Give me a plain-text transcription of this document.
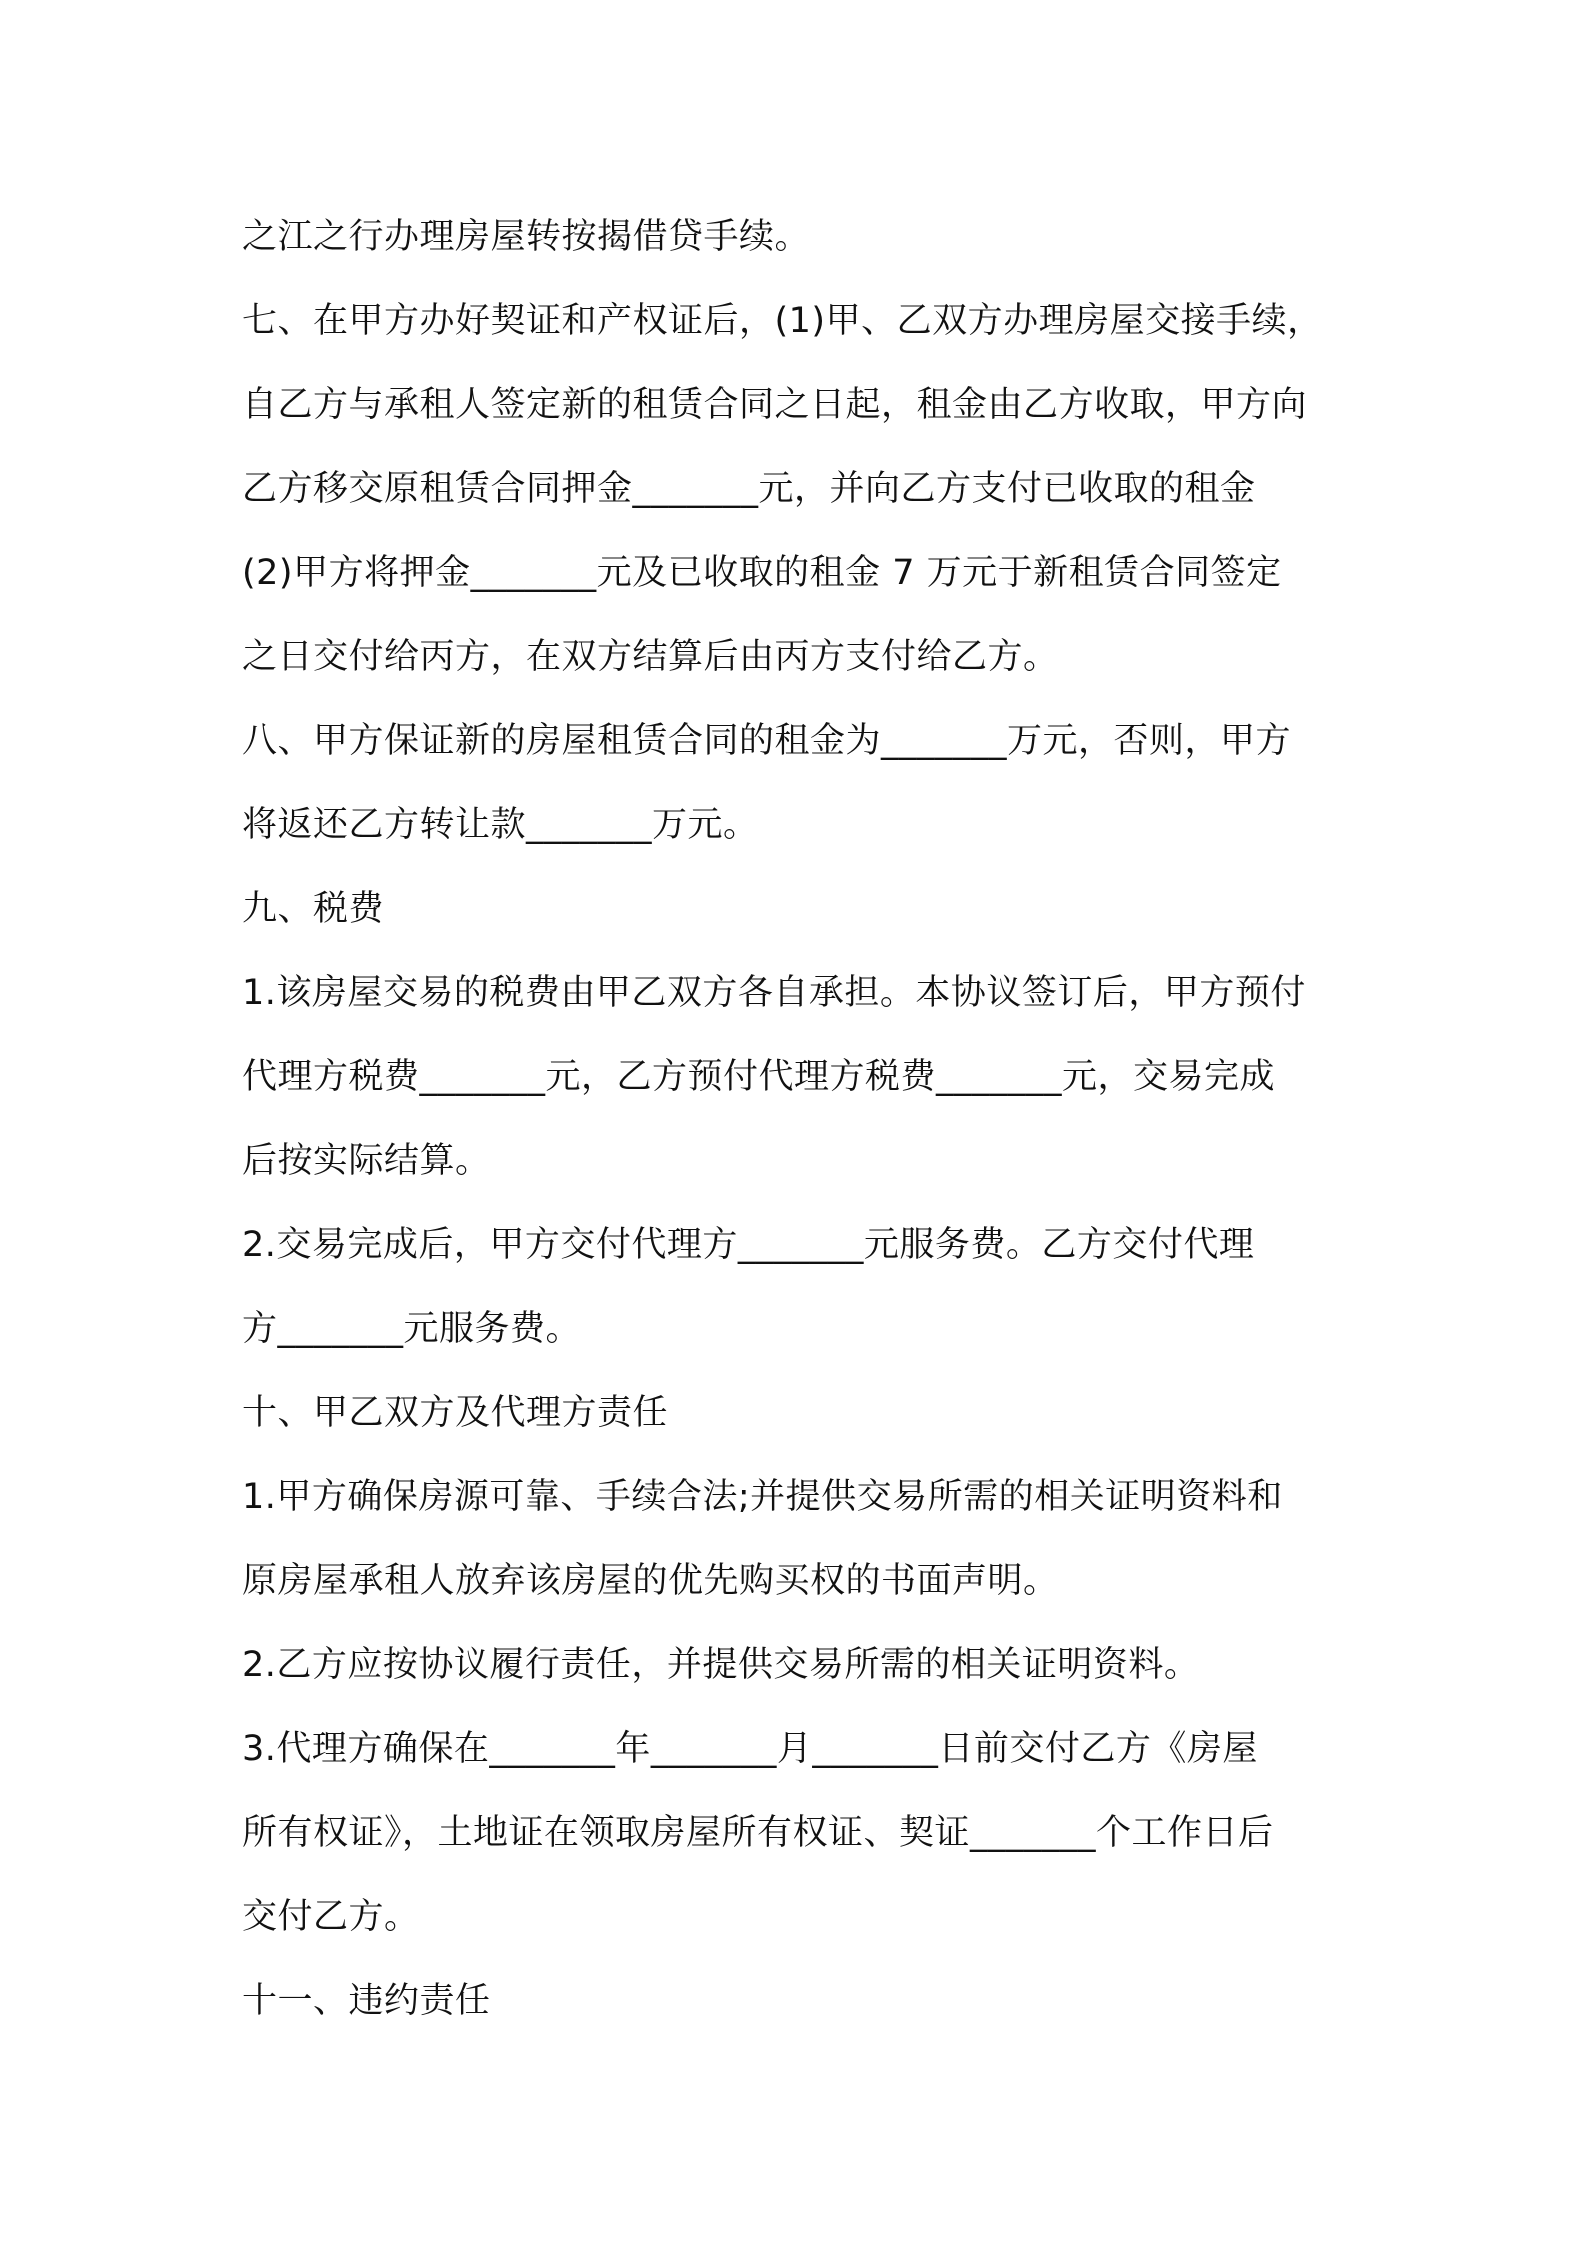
之江之行办理房屋转按揭借贷手续。
七、在甲方办好契证和产权证后，(1)甲、乙双方办理房屋交接手续，
自乙方与承租人签定新的租赁合同之日起，租金由乙方收取，甲方向
乙方移交原租赁合同押金_______元，并向乙方支付已收取的租金
(2)甲方将押金_______元及已收取的租金 7 万元于新租赁合同签定
之日交付给丙方，在双方结算后由丙方支付给乙方。
八、甲方保证新的房屋租赁合同的租金为_______万元，否则，甲方
将返还乙方转让款_______万元。
九、税费
1.该房屋交易的税费由甲乙双方各自承担。本协议签订后，甲方预付
代理方税费_______元，乙方预付代理方税费_______元，交易完成
后按实际结算。
2.交易完成后，甲方交付代理方_______元服务费。乙方交付代理
方_______元服务费。
十、甲乙双方及代理方责任
1.甲方确保房源可靠、手续合法;并提供交易所需的相关证明资料和
原房屋承租人放弃该房屋的优先购买权的书面声明。
2.乙方应按协议履行责任，并提供交易所需的相关证明资料。
3.代理方确保在_______年_______月_______日前交付乙方《房屋
所有权证》，土地证在领取房屋所有权证、契证_______个工作日后
交付乙方。
十一、违约责任
